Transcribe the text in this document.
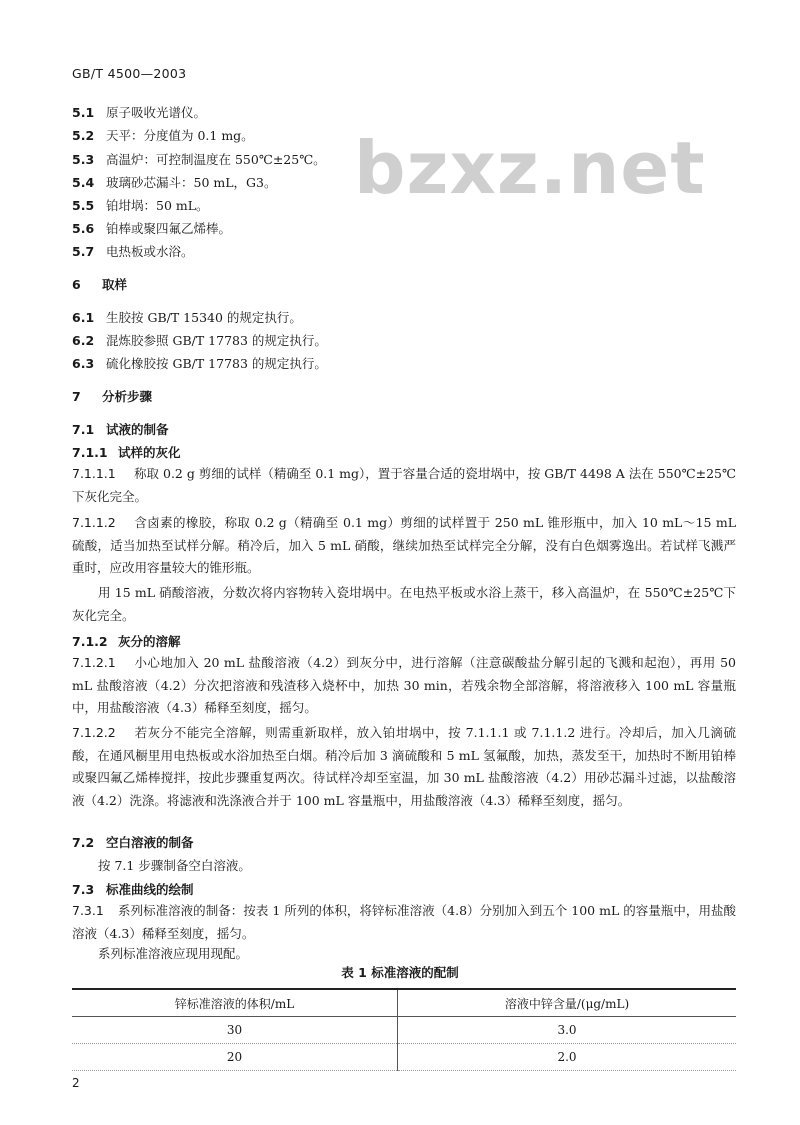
GB/T 4500—2003
bzxz.net
5.1 原子吸收光谱仪。
5.2 天平：分度值为 0.1 mg。
5.3 高温炉：可控制温度在 550℃±25℃。
5.4 玻璃砂芯漏斗：50 mL，G3。
5.5 铂坩埚：50 mL。
5.6 铂棒或聚四氟乙烯棒。
5.7 电热板或水浴。
6 取样
6.1 生胶按 GB/T 15340 的规定执行。
6.2 混炼胶参照 GB/T 17783 的规定执行。
6.3 硫化橡胶按 GB/T 17783 的规定执行。
7 分析步骤
7.1 试液的制备
7.1.1 试样的灰化
7.1.1.1 称取 0.2 g 剪细的试样（精确至 0.1 mg），置于容量合适的瓷坩埚中，按 GB/T 4498 A 法在 550℃±25℃下灰化完全。
7.1.1.2 含卤素的橡胶，称取 0.2 g（精确至 0.1 mg）剪细的试样置于 250 mL 锥形瓶中，加入 10 mL～15 mL 硫酸，适当加热至试样分解。稍冷后，加入 5 mL 硝酸，继续加热至试样完全分解，没有白色烟雾逸出。若试样飞溅严重时，应改用容量较大的锥形瓶。
用 15 mL 硝酸溶液，分数次将内容物转入瓷坩埚中。在电热平板或水浴上蒸干，移入高温炉，在 550℃±25℃下灰化完全。
7.1.2 灰分的溶解
7.1.2.1 小心地加入 20 mL 盐酸溶液（4.2）到灰分中，进行溶解（注意碳酸盐分解引起的飞溅和起泡），再用 50 mL 盐酸溶液（4.2）分次把溶液和残渣移入烧杯中，加热 30 min，若残余物全部溶解，将溶液移入 100 mL 容量瓶中，用盐酸溶液（4.3）稀释至刻度，摇匀。
7.1.2.2 若灰分不能完全溶解，则需重新取样，放入铂坩埚中，按 7.1.1.1 或 7.1.1.2 进行。冷却后，加入几滴硫酸，在通风橱里用电热板或水浴加热至白烟。稍冷后加 3 滴硫酸和 5 mL 氢氟酸，加热，蒸发至干，加热时不断用铂棒或聚四氟乙烯棒搅拌，按此步骤重复两次。待试样冷却至室温，加 30 mL 盐酸溶液（4.2）用砂芯漏斗过滤，以盐酸溶液（4.2）洗涤。将滤液和洗涤液合并于 100 mL 容量瓶中，用盐酸溶液（4.3）稀释至刻度，摇匀。
7.2 空白溶液的制备
按 7.1 步骤制备空白溶液。
7.3 标准曲线的绘制
7.3.1 系列标准溶液的制备：按表 1 所列的体积，将锌标准溶液（4.8）分别加入到五个 100 mL 的容量瓶中，用盐酸溶液（4.3）稀释至刻度，摇匀。
系列标准溶液应现用现配。
表 1 标准溶液的配制
锌标准溶液的体积/mL	溶液中锌含量/(μg/mL)
30	3.0
20	2.0
2
